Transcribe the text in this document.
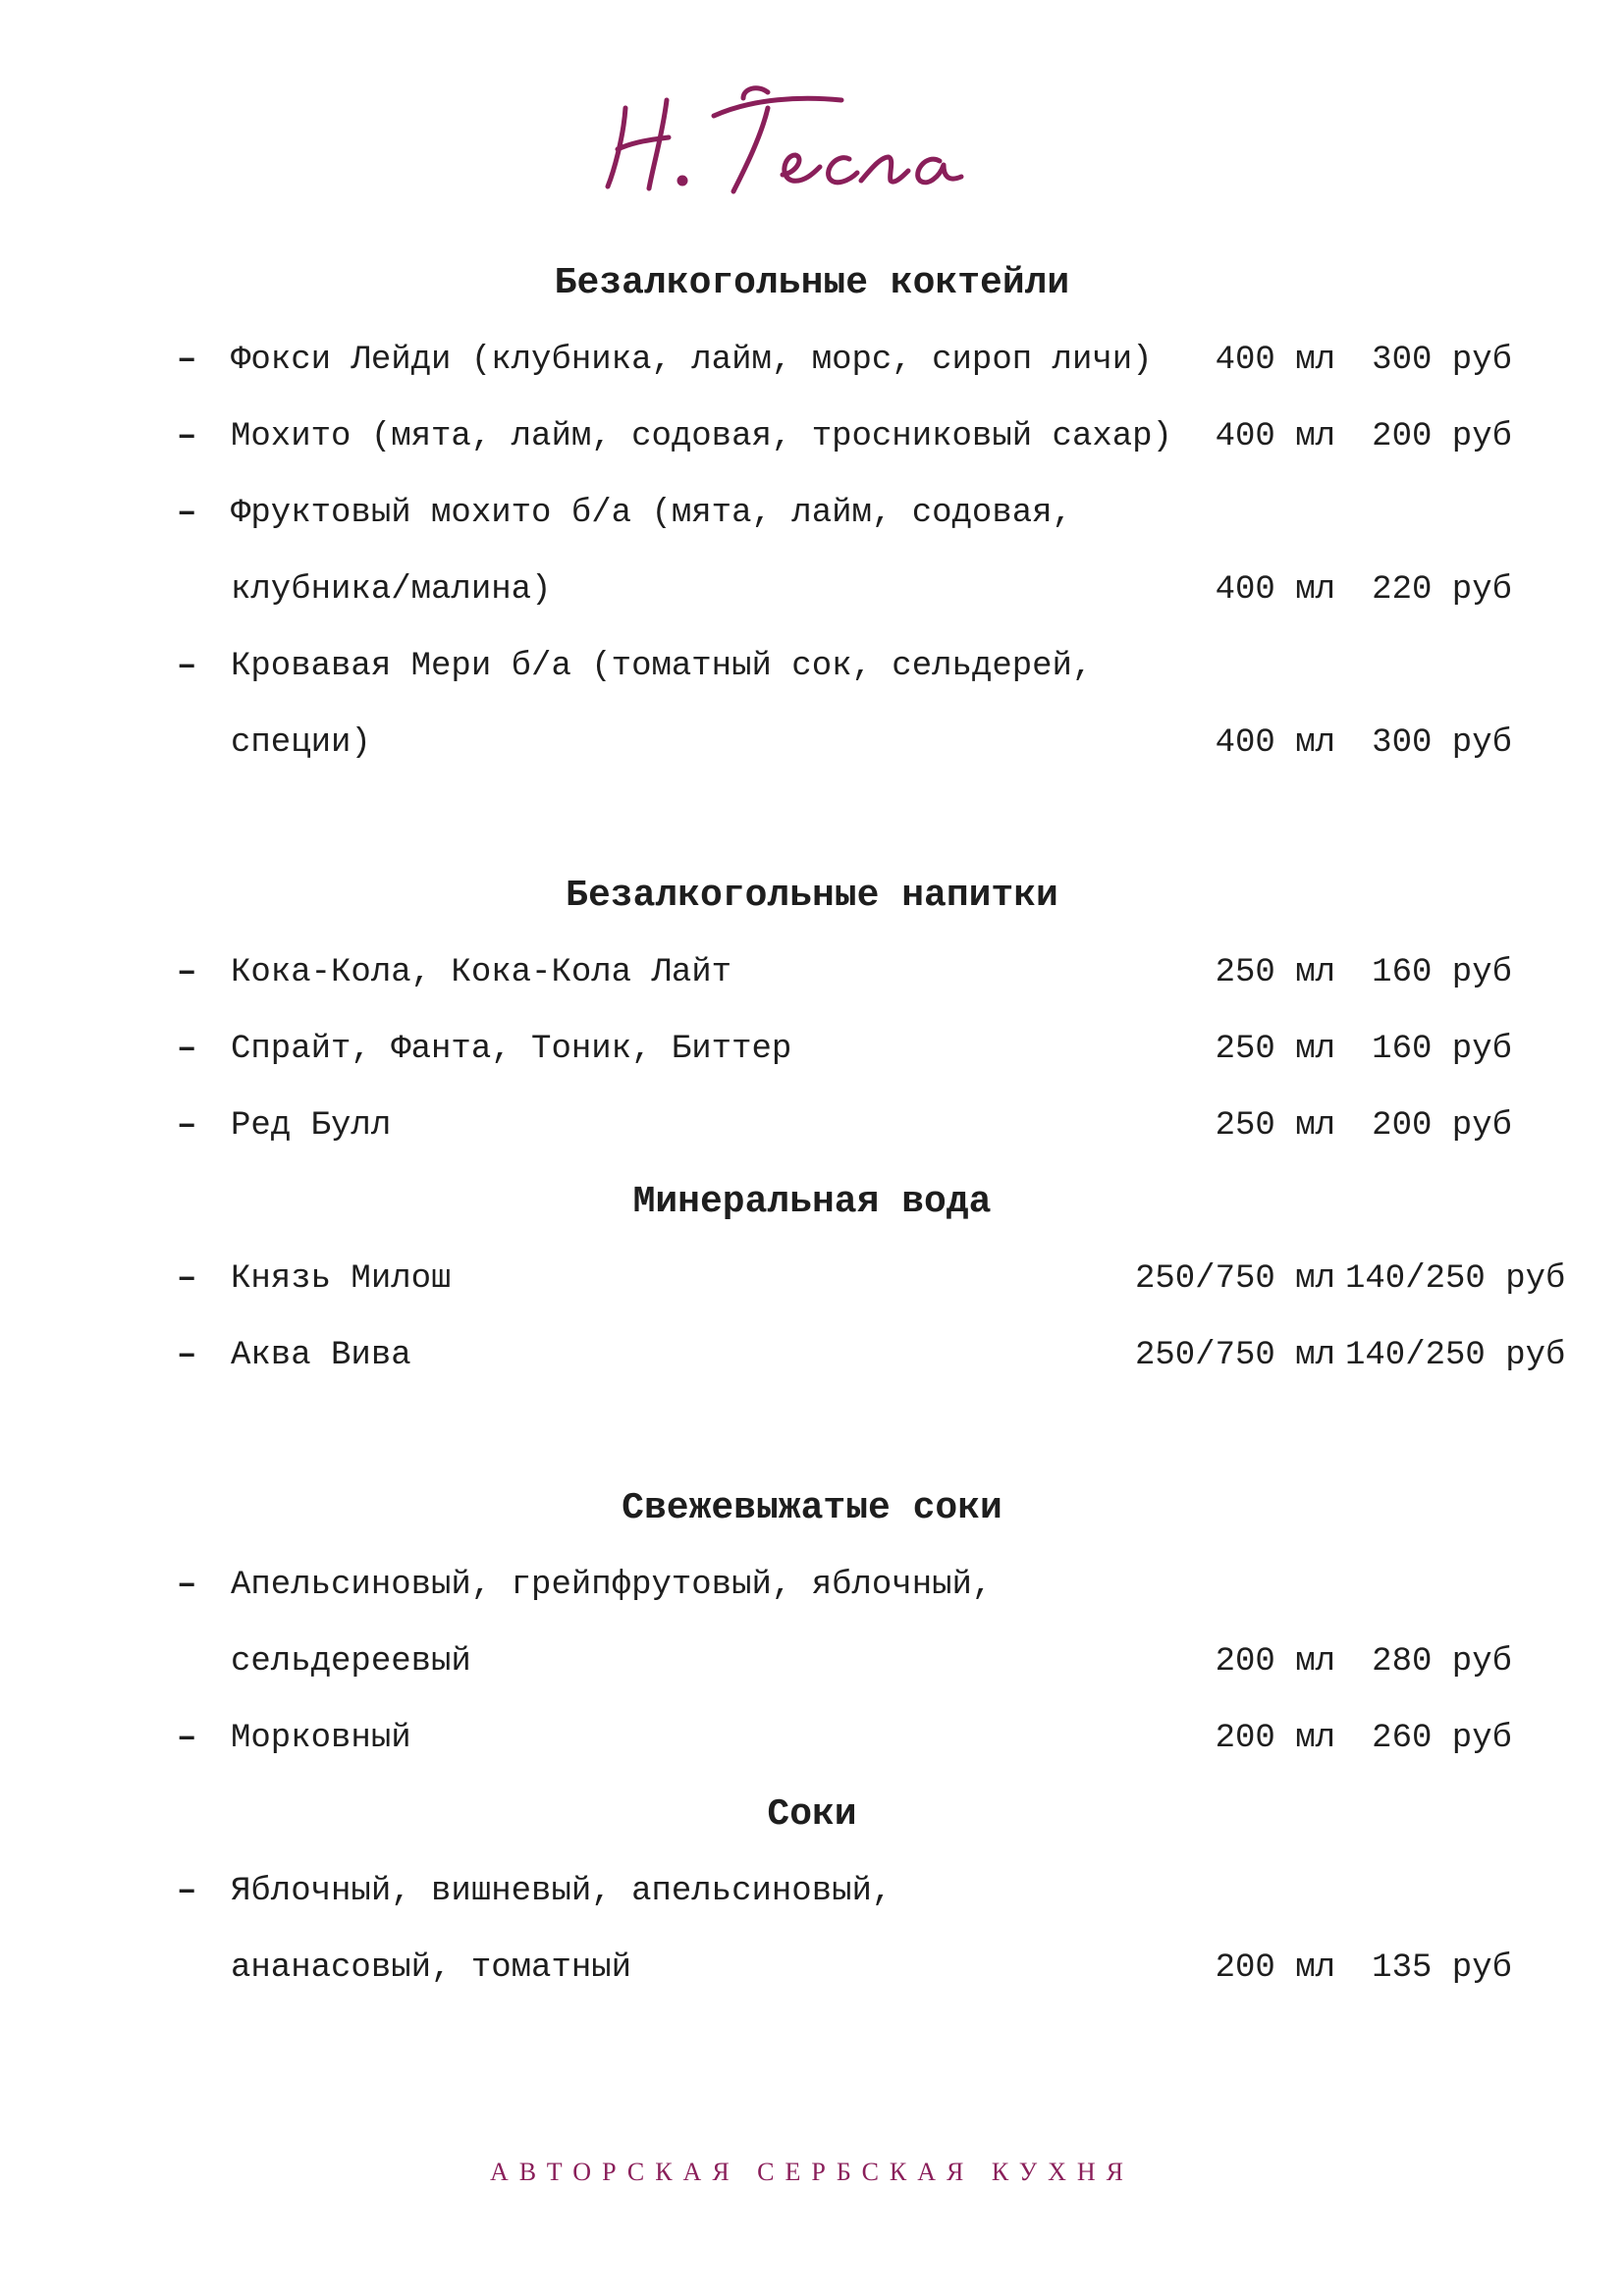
Безалкогольные коктейли
–	Фокси Лейди (клубника, лайм, морс, сироп личи)	400 мл	300 руб
–	Мохито (мята, лайм, содовая, тросниковый сахар)	400 мл	200 руб
–	Фруктовый мохито б/а (мята, лайм, содовая,
клубника/малина)	400 мл	220 руб
–	Кровавая Мери б/а (томатный сок, сельдерей,
специи)	400 мл	300 руб
Безалкогольные напитки
–	Кока-Кола, Кока-Кола Лайт	250 мл	160 руб
–	Спрайт, Фанта, Тоник, Биттер	250 мл	160 руб
–	Ред Булл	250 мл	200 руб
Минеральная вода
–	Князь Милош	250/750 мл 140/250 руб
–	Аква Вива	250/750 мл 140/250 руб
Свежевыжатые соки
–	Апельсиновый, грейпфрутовый, яблочный,
сельдереевый	200 мл	280 руб
–	Морковный	200 мл	260 руб
Соки
–	Яблочный, вишневый, апельсиновый,
ананасовый, томатный	200 мл	135 руб
АВТОРСКАЯ СЕРБСКАЯ КУХНЯ
